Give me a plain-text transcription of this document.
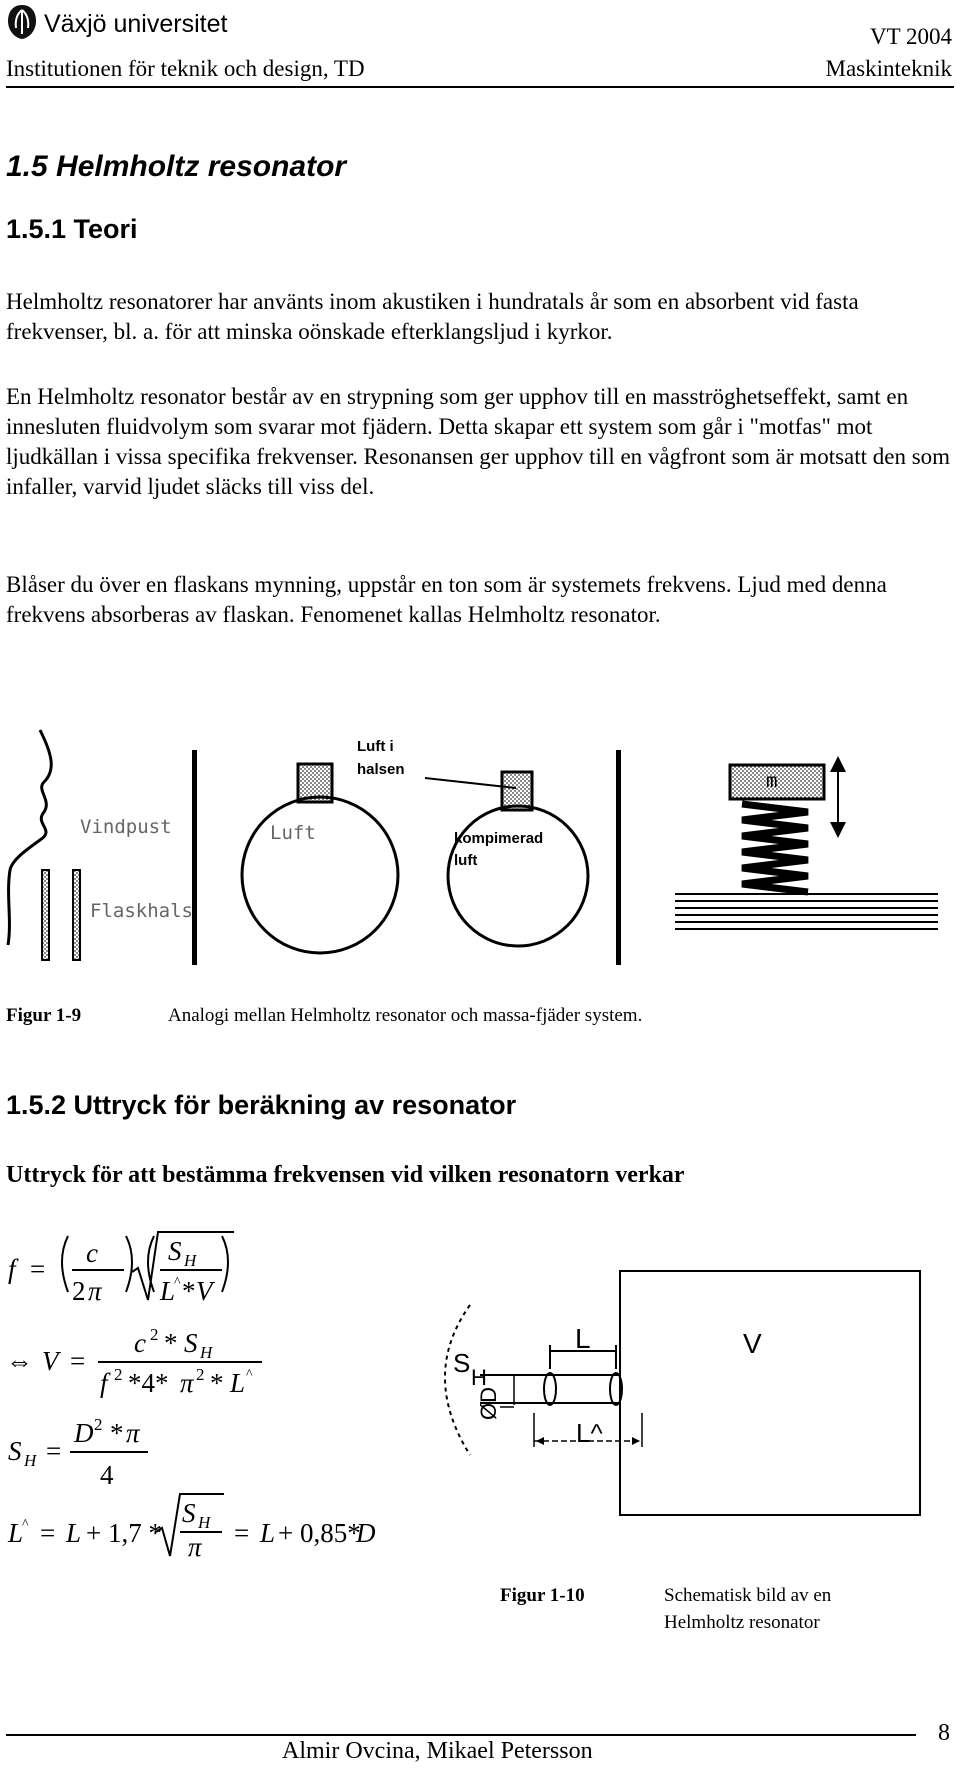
Växjö universitet	VT 2004
Institutionen för teknik och design, TD	Maskinteknik
1.5 Helmholtz resonator
1.5.1 Teori

Helmholtz resonatorer har använts inom akustiken i hundratals år som en absorbent vid fasta frekvenser, bl. a. för att minska oönskade efterklangsljud i kyrkor.

En Helmholtz resonator består av en strypning som ger upphov till en masströghetseffekt, samt en innesluten fluidvolym som svarar mot fjädern. Detta skapar ett system som går i "motfas" mot ljudkällan i vissa specifika frekvenser. Resonansen ger upphov till en vågfront som är motsatt den som infaller, varvid ljudet släcks till viss del.

Blåser du över en flaskans mynning, uppstår en ton som är systemets frekvens. Ljud med denna frekvens absorberas av flaskan. Fenomenet kallas Helmholtz resonator.

Vindpust
Flaskhals
Luft
Luft i
halsen
kompimerad
luft
m
Figur 1-9	Analogi mellan Helmholtz resonator och massa-fjäder system.
1.5.2 Uttryck för beräkning av resonator
Uttryck för att bestämma frekvensen vid vilken resonatorn verkar
f =
c
2 π
S H
L
^ * V
⇔ V =
c 2 * S H
f 2 *4* π 2 * L ^
S H =
D 2 * π
4
L
^ = L + 1,7 *
S H
π = L + 0,85*
D
L	V
S H
ØD
L^
Figur 1-10	Schematisk bild av en
Helmholtz resonator
Almir Ovcina, Mikael Petersson
8
